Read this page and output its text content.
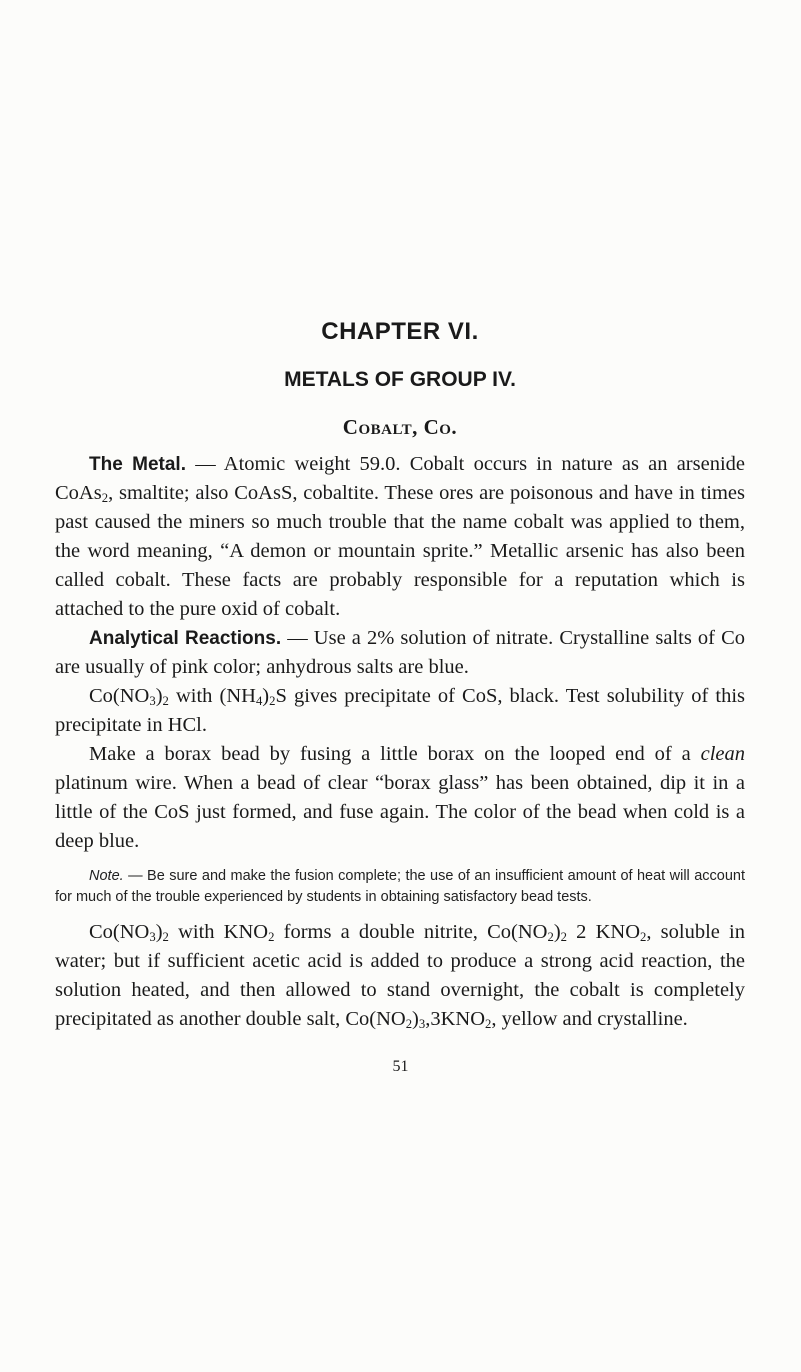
CHAPTER VI.
METALS OF GROUP IV.
Cobalt, Co.

The Metal. — Atomic weight 59.0. Cobalt occurs in nature as an arsenide CoAs$_2$, smaltite; also CoAsS, cobaltite. These ores are poisonous and have in times past caused the miners so much trouble that the name cobalt was applied to them, the word meaning, “A demon or mountain sprite.” Metallic arsenic has also been called cobalt. These facts are probably responsible for a reputation which is attached to the pure oxid of cobalt.

Analytical Reactions. — Use a 2% solution of nitrate. Crystalline salts of Co are usually of pink color; anhydrous salts are blue.

$Co(NO_3)_2$ with $(NH_4)_2S$ gives precipitate of CoS, black. Test solubility of this precipitate in HCl.

Make a borax bead by fusing a little borax on the looped end of a clean platinum wire. When a bead of clear “borax glass” has been obtained, dip it in a little of the CoS just formed, and fuse again. The color of the bead when cold is a deep blue.

Note. — Be sure and make the fusion complete; the use of an insufficient amount of heat will account for much of the trouble experienced by students in obtaining satisfactory bead tests.

$Co(NO_3)_2$ with $KNO_2$ forms a double nitrite, $Co(NO_2)_2$ 2 $KNO_2$, soluble in water; but if sufficient acetic acid is added to produce a strong acid reaction, the solution heated, and then allowed to stand overnight, the cobalt is completely precipitated as another double salt, $Co(NO_2)_3,3KNO_2$, yellow and crystalline.

51
